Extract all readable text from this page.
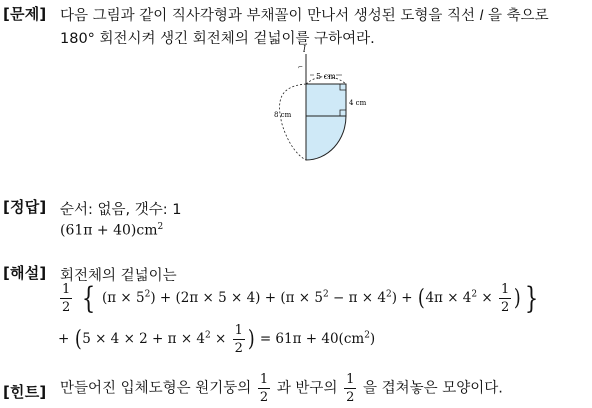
[문제] 다음 그림과 같이 직사각형과 부채꼴이 만나서 생성된 도형을 직선 𝑙 을 축으로
180° 회전시켜 생긴 회전체의 겉넓이를 구하여라.
l
⌐
5 cm
4 cm
8 cm
[정답] 순서: 없음, 갯수: 1
$(61\pi + 40)cm^2$
[해설] 회전체의 겉넓이는
$\frac{1}{2}$ { $(\pi \times 5^2) + (2\pi \times 5 \times 4) + (\pi \times 5^2 - \pi \times 4^2) + (4\pi \times 4^2 \times \frac{1}{2}$ ) }
+ ($5 \times 4 \times 2 + \pi \times 4^2 \times \frac{1}{2}$ ) = $61\pi + 40(cm^2)$
[힌트] 만들어진 입체도형은 원기둥의 $\frac{1}{2}$ 과 반구의 $\frac{1}{2}$ 을 겹쳐놓은 모양이다.
